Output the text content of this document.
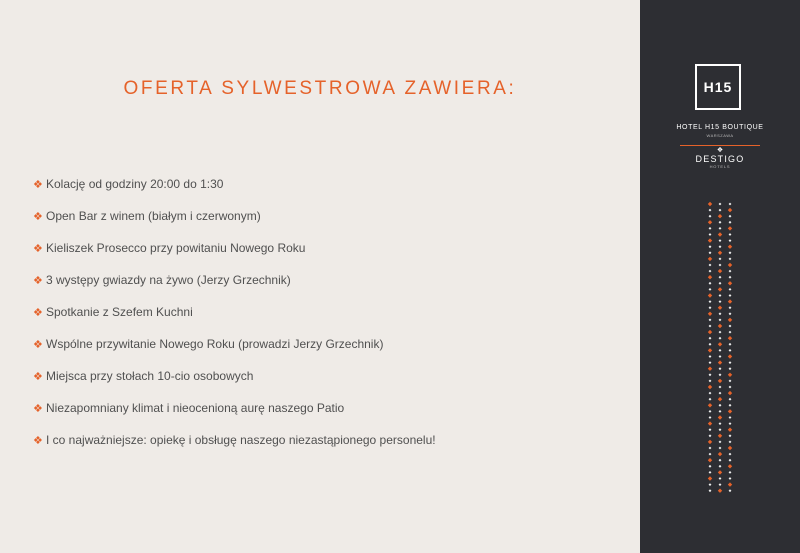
OFERTA SYLWESTROWA ZAWIERA:
❖ Kolację od godziny 20:00 do 1:30
❖ Open Bar z winem (białym i czerwonym)
❖ Kieliszek Prosecco przy powitaniu Nowego Roku
❖ 3 występy gwiazdy na żywo (Jerzy Grzechnik)
❖ Spotkanie z Szefem Kuchni
❖ Wspólne przywitanie Nowego Roku (prowadzi Jerzy Grzechnik)
❖ Miejsca przy stołach 10-cio osobowych
❖ Niezapomniany klimat i nieocenioną aurę naszego Patio
❖ I co najważniejsze: opiekę i obsługę naszego niezastąpionego personelu!
H15
HOTEL H15 BOUTIQUE
WARSZAWA
❖
DESTIGO
HOTELS
